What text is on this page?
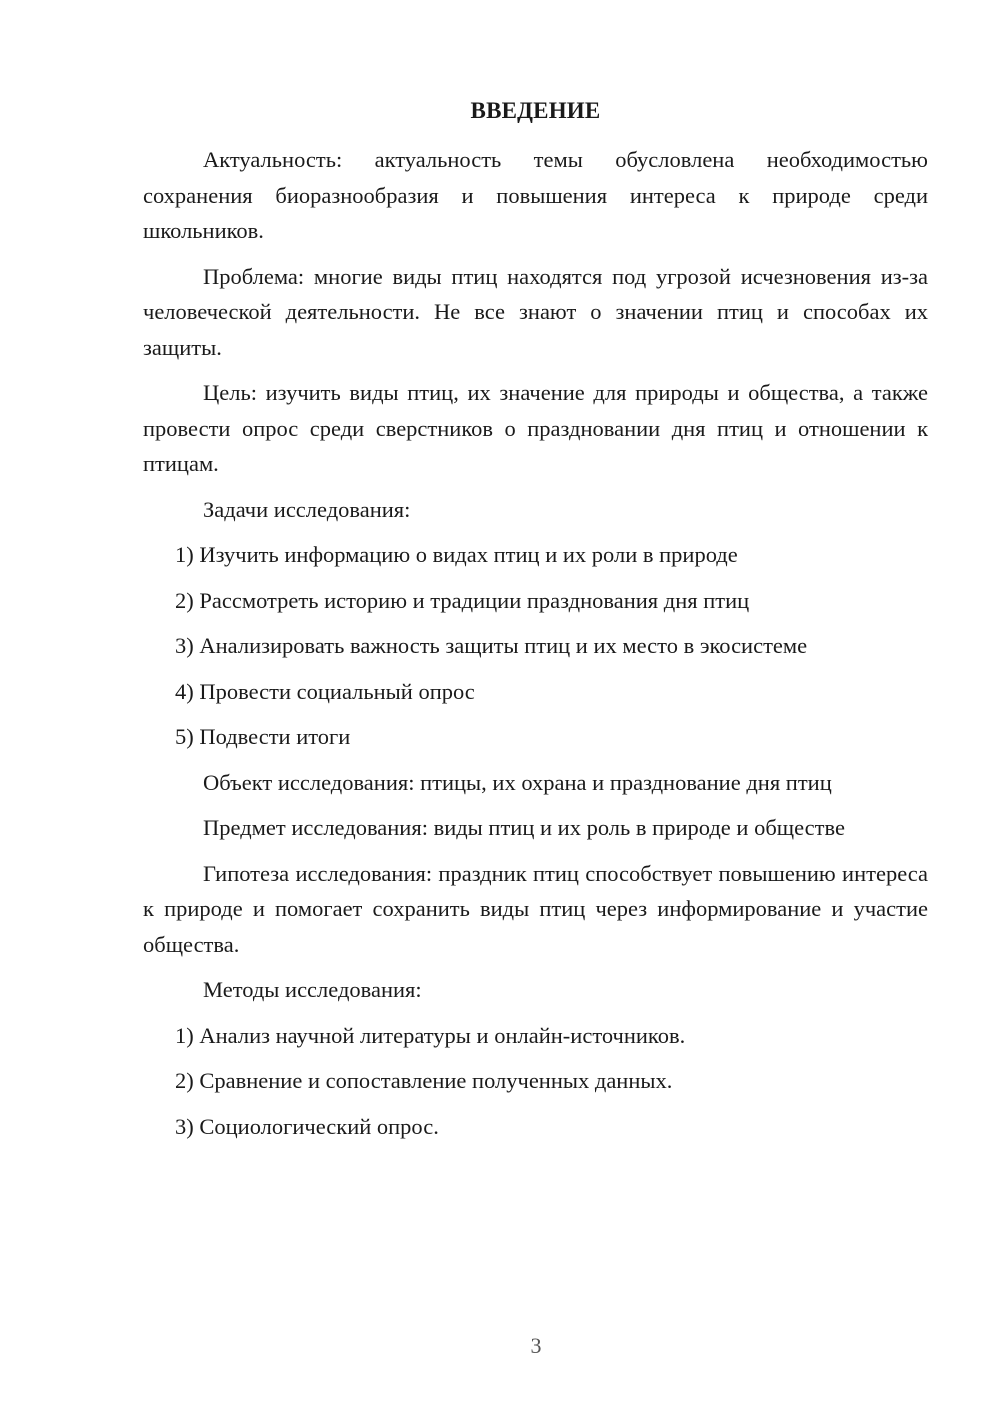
ВВЕДЕНИЕ

Актуальность: актуальность темы обусловлена необходимостью сохранения биоразнообразия и повышения интереса к природе среди школьников.

Проблема: многие виды птиц находятся под угрозой исчезновения из-за человеческой деятельности. Не все знают о значении птиц и способах их защиты.

Цель: изучить виды птиц, их значение для природы и общества, а также провести опрос среди сверстников о праздновании дня птиц и отношении к птицам.

Задачи исследования:

1) Изучить информацию о видах птиц и их роли в природе

2) Рассмотреть историю и традиции празднования дня птиц

3) Анализировать важность защиты птиц и их место в экосистеме

4) Провести социальный опрос

5) Подвести итоги

Объект исследования: птицы, их охрана и празднование дня птиц

Предмет исследования: виды птиц и их роль в природе и обществе

Гипотеза исследования: праздник птиц способствует повышению интереса к природе и помогает сохранить виды птиц через информирование и участие общества.

Методы исследования:

1) Анализ научной литературы и онлайн-источников.

2) Сравнение и сопоставление полученных данных.

3) Социологический опрос.

3
